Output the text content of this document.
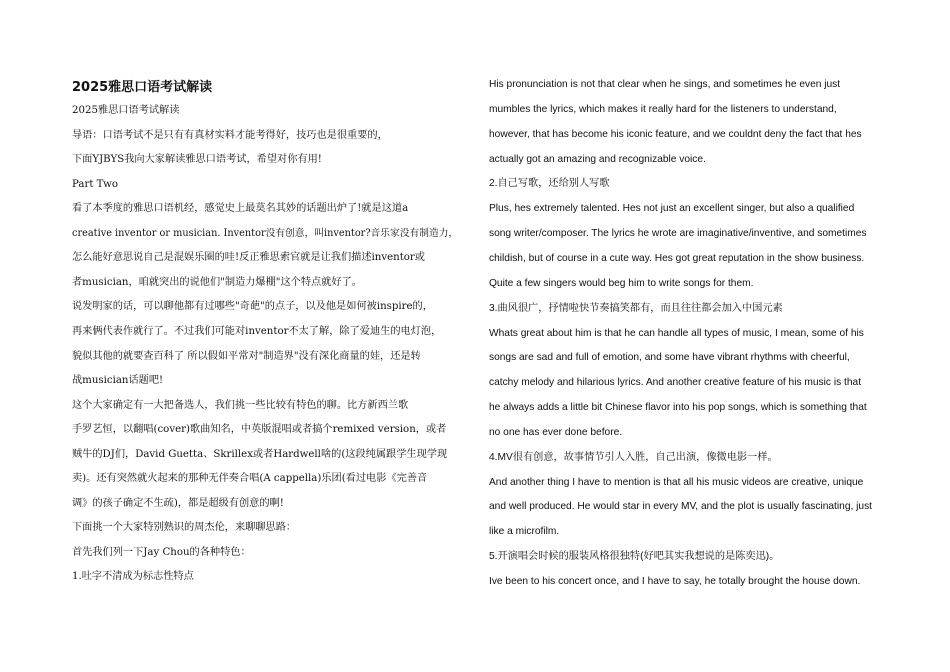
2025雅思口语考试解读
2025雅思口语考试解读
导语：口语考试不是只有有真材实料才能考得好，技巧也是很重要的，
下面YJBYS我向大家解读雅思口语考试，希望对你有用!
Part Two
看了本季度的雅思口语机经，感觉史上最莫名其妙的话题出炉了!就是这道a
creative inventor or musician. Inventor没有创意，叫inventor?音乐家没有制造力，
怎么能好意思说自己是混娱乐圈的哇!反正雅思索官就是让我们描述inventor或
者musician，咱就突出的说他们"制造力爆棚"这个特点就好了。
说发明家的话，可以聊他都有过哪些"奇葩"的点子，以及他是如何被inspire的，
再来俩代表作就行了。不过我们可能对inventor不太了解，除了爱迪生的电灯泡，
貌似其他的就要查百科了 所以假如平常对"制造界"没有深化商量的娃，还是转
战musician话题吧!
这个大家确定有一大把备选人，我们挑一些比较有特色的聊。比方新西兰歌
手罗艺恒，以翻唱(cover)歌曲知名，中英版混唱或者搞个remixed version，或者
贼牛的DJ们，David Guetta、Skrillex或者Hardwell啥的(这段纯属跟学生现学现
卖)。还有突然就火起来的那种无伴奏合唱(A cappella)乐团(看过电影《完善音
调》的孩子确定不生疏)，都是超级有创意的啊!
下面挑一个大家特别熟识的周杰伦，来聊聊思路：
首先我们列一下Jay Chou的各种特色：
1.吐字不清成为标志性特点
His pronunciation is not that clear when he sings, and sometimes he even just
mumbles the lyrics, which makes it really hard for the listeners to understand,
however, that has become his iconic feature, and we couldnt deny the fact that hes
actually got an amazing and recognizable voice.
2.自己写歌，还给别人写歌
Plus, hes extremely talented. Hes not just an excellent singer, but also a qualified
song writer/composer. The lyrics he wrote are imaginative/inventive, and sometimes
childish, but of course in a cute way. Hes got great reputation in the show business.
Quite a few singers would beg him to write songs for them.
3.曲风很广，抒情啦快节奏搞笑都有，而且往往都会加入中国元素
Whats great about him is that he can handle all types of music, I mean, some of his
songs are sad and full of emotion, and some have vibrant rhythms with cheerful,
catchy melody and hilarious lyrics. And another creative feature of his music is that
he always adds a little bit Chinese flavor into his pop songs, which is something that
no one has ever done before.
4.MV很有创意，故事情节引人入胜，自己出演，像微电影一样。
And another thing I have to mention is that all his music videos are creative, unique
and well produced. He would star in every MV, and the plot is usually fascinating, just
like a microfilm.
5.开演唱会时候的服装风格很独特(好吧其实我想说的是陈奕迅)。
Ive been to his concert once, and I have to say, he totally brought the house down.
